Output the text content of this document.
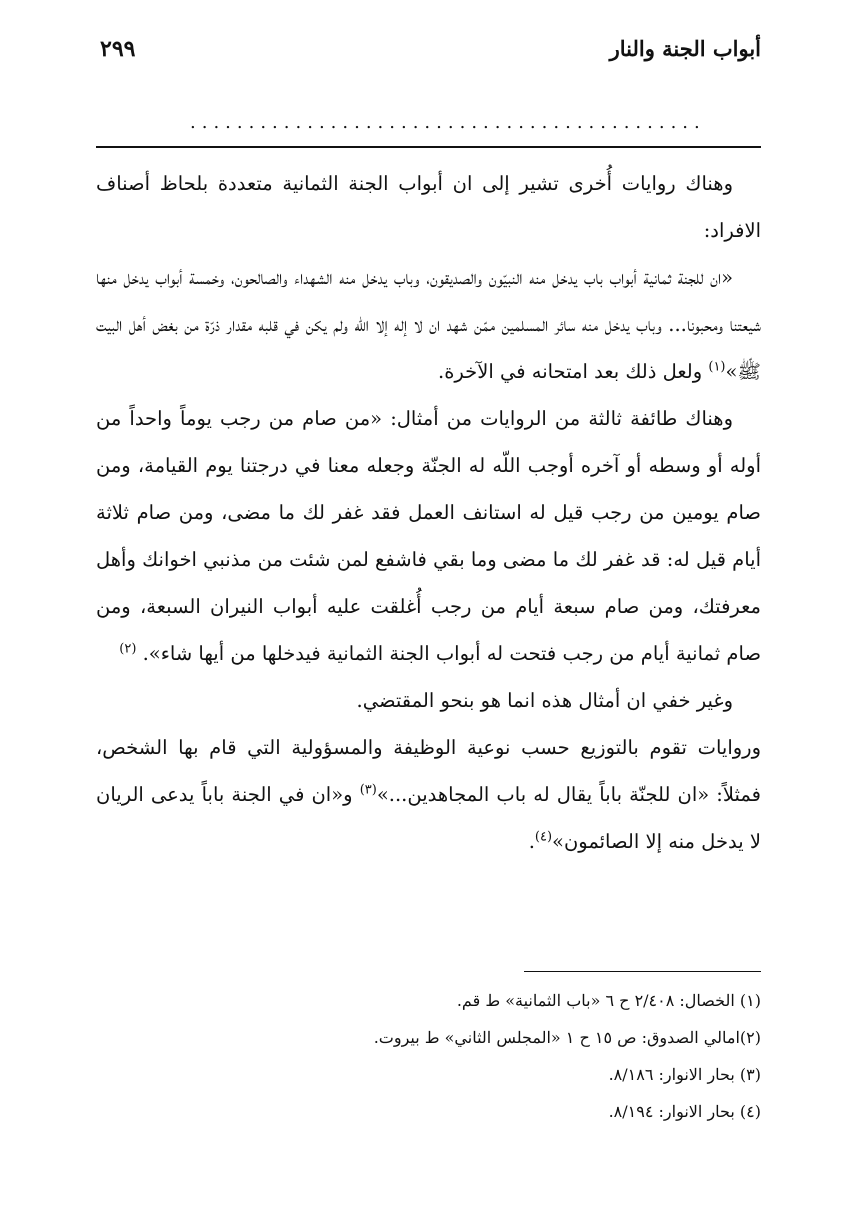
أبواب الجنة والنار
٢٩٩
............................................

وهناك روايات أُخرى تشير إلى ان أبواب الجنة الثمانية متعددة بلحاظ أصناف الافراد:

«ان للجنة ثمانية أبواب باب يدخل منه النبيّون والصديقون، وباب يدخل منه الشهداء والصالحون، وخمسة أبواب يدخل منها شيعتنا ومحبونا... وباب يدخل منه سائر المسلمين ممّن شهد ان لا إله إلا اللّه ولم يكن في قلبه مقدار ذرّة من بغض أهل البيت ﷺ»$^{(١)}$ ولعل ذلك بعد امتحانه في الآخرة.

وهناك طائفة ثالثة من الروايات من أمثال: «من صام من رجب يوماً واحداً من أوله أو وسطه أو آخره أوجب اللّه له الجنّة وجعله معنا في درجتنا يوم القيامة، ومن صام يومين من رجب قيل له استانف العمل فقد غفر لك ما مضى، ومن صام ثلاثة أيام قيل له: قد غفر لك ما مضى وما بقي فاشفع لمن شئت من مذنبي اخوانك وأهل معرفتك، ومن صام سبعة أيام من رجب أُغلقت عليه أبواب النيران السبعة، ومن صام ثمانية أيام من رجب فتحت له أبواب الجنة الثمانية فيدخلها من أيها شاء». $^{(٢)}$

وغير خفي ان أمثال هذه انما هو بنحو المقتضي.

وروايات تقوم بالتوزيع حسب نوعية الوظيفة والمسؤولية التي قام بها الشخص، فمثلاً: «ان للجنّة باباً يقال له باب المجاهدين...»$^{(٣)}$ و«ان في الجنة باباً يدعى الريان لا يدخل منه إلا الصائمون»$^{(٤)}$.

(١) الخصال: ٢/٤٠٨ ح ٦ «باب الثمانية» ط قم.

(٢)امالي الصدوق: ص ١٥ ح ١ «المجلس الثاني» ط بيروت.

(٣) بحار الانوار: ٨/١٨٦.

(٤) بحار الانوار: ٨/١٩٤.
